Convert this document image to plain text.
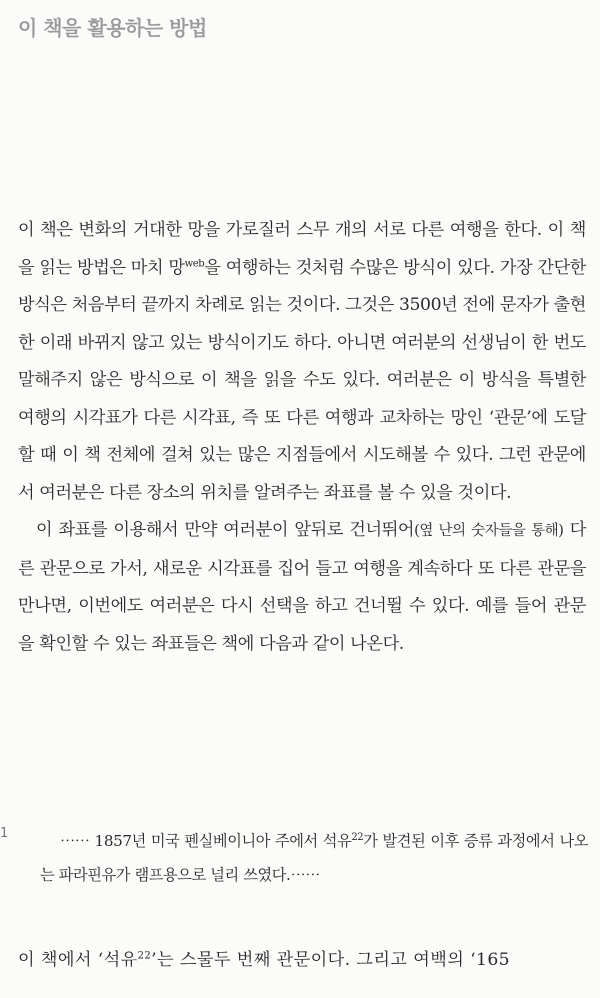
이 책을 활용하는 방법

이 책은 변화의 거대한 망을 가로질러 스무 개의 서로 다른 여행을 한다. 이 책을 읽는 방법은 마치 망$^{web}$을 여행하는 것처럼 수많은 방식이 있다. 가장 간단한 방식은 처음부터 끝까지 차례로 읽는 것이다. 그것은 3500년 전에 문자가 출현한 이래 바뀌지 않고 있는 방식이기도 하다. 아니면 여러분의 선생님이 한 번도 말해주지 않은 방식으로 이 책을 읽을 수도 있다. 여러분은 이 방식을 특별한 여행의 시각표가 다른 시각표, 즉 또 다른 여행과 교차하는 망인 ‘관문’에 도달할 때 이 책 전체에 걸쳐 있는 많은 지점들에서 시도해볼 수 있다. 그런 관문에서 여러분은 다른 장소의 위치를 알려주는 좌표를 볼 수 있을 것이다.

이 좌표를 이용해서 만약 여러분이 앞뒤로 건너뛰어(옆 난의 숫자들을 통해) 다른 관문으로 가서, 새로운 시각표를 집어 들고 여행을 계속하다 또 다른 관문을 만나면, 이번에도 여러분은 다시 선택을 하고 건너뛸 수 있다. 예를 들어 관문을 확인할 수 있는 좌표들은 책에 다음과 같이 나온다.

1	⋯⋯ 1857년 미국 펜실베이니아 주에서 석유$^{22}$가 발견된 이후 증류 과정에서 나오는 파라핀유가 램프용으로 널리 쓰였다.⋯⋯

이 책에서 ‘석유$^{22}$’는 스물두 번째 관문이다. 그리고 여백의 ‘165
